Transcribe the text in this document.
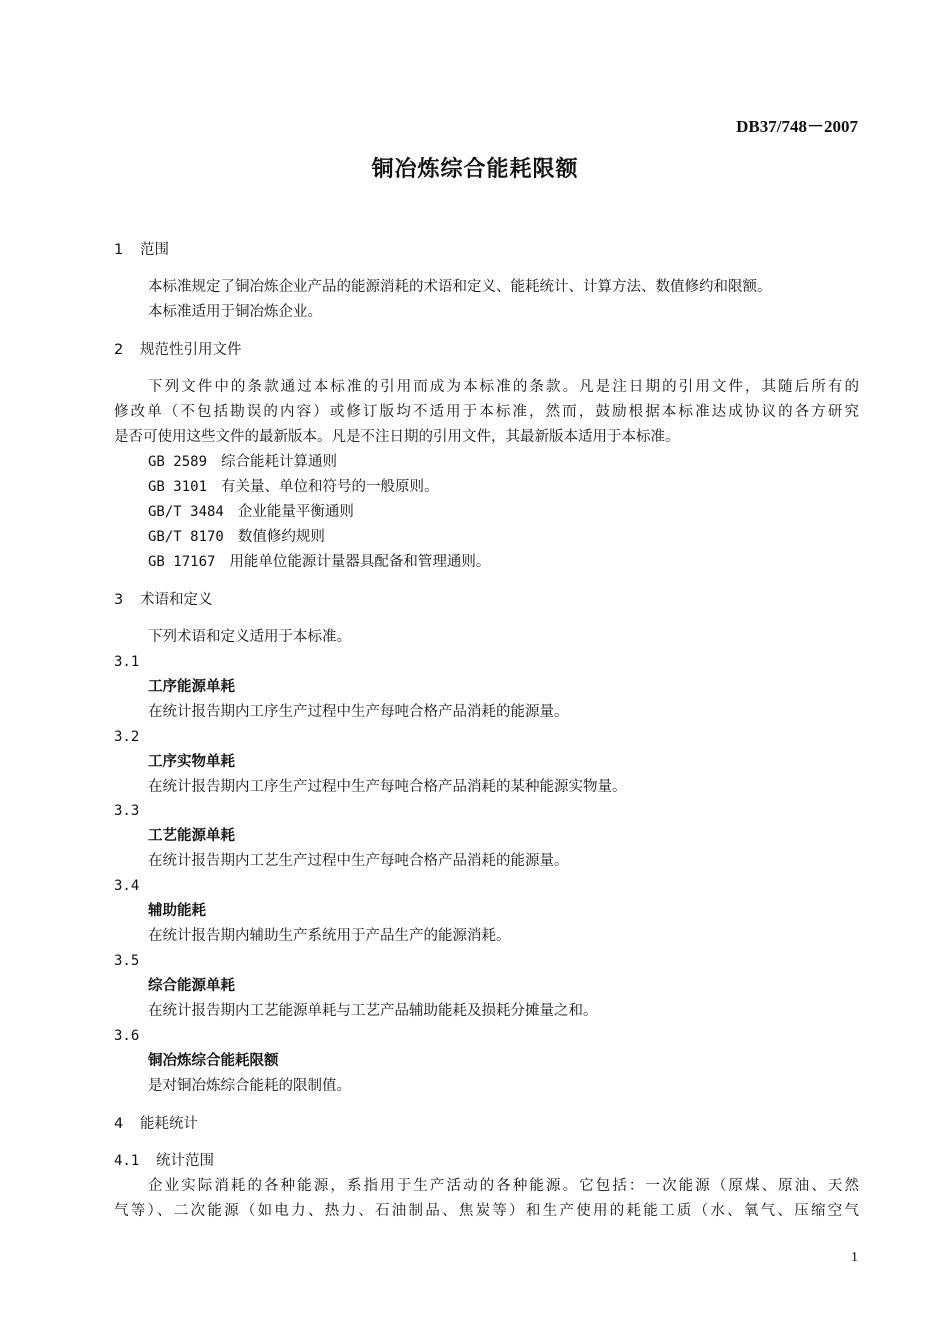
DB37/748－2007
铜冶炼综合能耗限额
1 范围
本标准规定了铜冶炼企业产品的能源消耗的术语和定义、能耗统计、计算方法、数值修约和限额。
本标准适用于铜冶炼企业。
2 规范性引用文件
下列文件中的条款通过本标准的引用而成为本标准的条款。凡是注日期的引用文件，其随后所有的
修改单（不包括勘误的内容）或修订版均不适用于本标准，然而，鼓励根据本标准达成协议的各方研究
是否可使用这些文件的最新版本。凡是不注日期的引用文件，其最新版本适用于本标准。
GB 2589 综合能耗计算通则
GB 3101 有关量、单位和符号的一般原则。
GB/T 3484 企业能量平衡通则
GB/T 8170 数值修约规则
GB 17167 用能单位能源计量器具配备和管理通则。
3 术语和定义
下列术语和定义适用于本标准。
3.1
工序能源单耗
在统计报告期内工序生产过程中生产每吨合格产品消耗的能源量。
3.2
工序实物单耗
在统计报告期内工序生产过程中生产每吨合格产品消耗的某种能源实物量。
3.3
工艺能源单耗
在统计报告期内工艺生产过程中生产每吨合格产品消耗的能源量。
3.4
辅助能耗
在统计报告期内辅助生产系统用于产品生产的能源消耗。
3.5
综合能源单耗
在统计报告期内工艺能源单耗与工艺产品辅助能耗及损耗分摊量之和。
3.6
铜冶炼综合能耗限额
是对铜冶炼综合能耗的限制值。
4 能耗统计
4.1 统计范围
企业实际消耗的各种能源，系指用于生产活动的各种能源。它包括：一次能源（原煤、原油、天然
气等）、二次能源（如电力、热力、石油制品、焦炭等）和生产使用的耗能工质（水、氧气、压缩空气
1
